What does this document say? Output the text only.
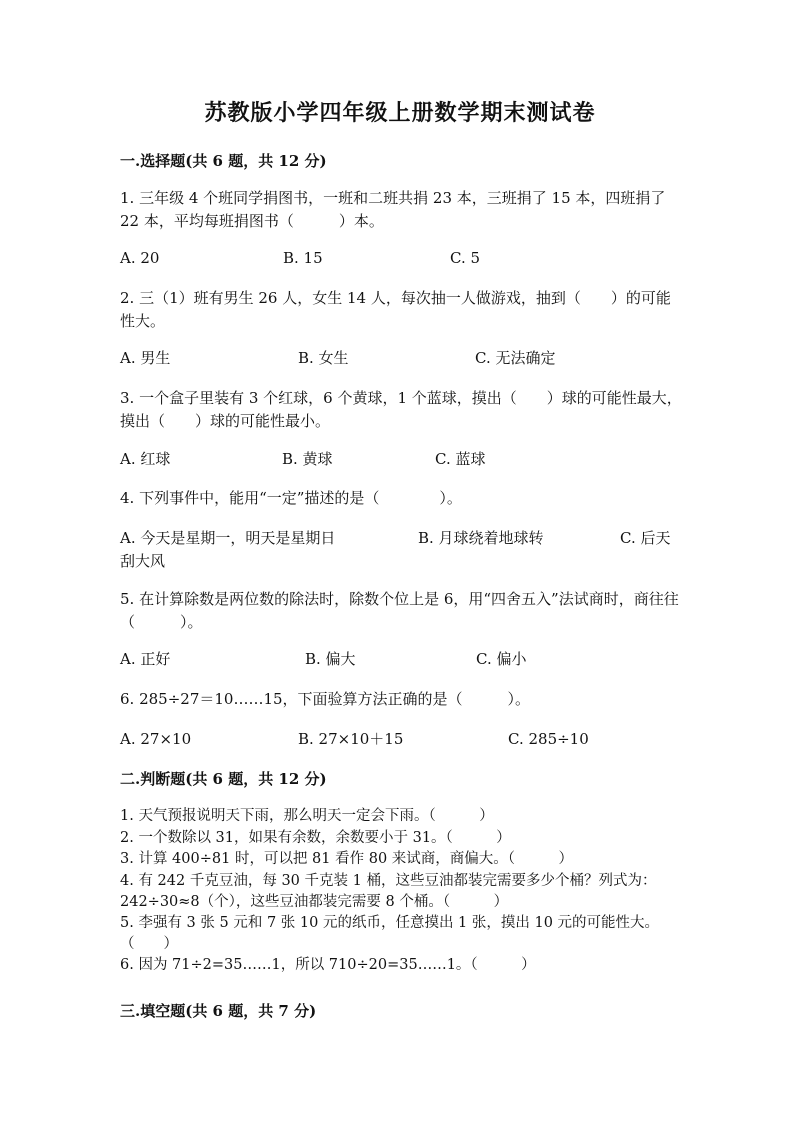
苏教版小学四年级上册数学期末测试卷
一.选择题(共 6 题，共 12 分)
1. 三年级 4 个班同学捐图书，一班和二班共捐 23 本，三班捐了 15 本，四班捐了 22 本，平均每班捐图书（　　　）本。
A. 20	B. 15	C. 5
2. 三（1）班有男生 26 人，女生 14 人，每次抽一人做游戏，抽到（　　）的可能性大。
A. 男生	B. 女生	C. 无法确定
3. 一个盒子里装有 3 个红球，6 个黄球，1 个蓝球，摸出（　　）球的可能性最大，摸出（　　）球的可能性最小。
A. 红球	B. 黄球	C. 蓝球
4. 下列事件中，能用“一定”描述的是（　　　　）。
A. 今天是星期一，明天是星期日	B. 月球绕着地球转	C. 后天刮大风
5. 在计算除数是两位数的除法时，除数个位上是 6，用“四舍五入”法试商时，商往往（　　　）。
A. 正好	B. 偏大	C. 偏小
6. 285÷27＝10……15，下面验算方法正确的是（　　　）。
A. 27×10	B. 27×10＋15	C. 285÷10
二.判断题(共 6 题，共 12 分)
1. 天气预报说明天下雨，那么明天一定会下雨。（　　　）
2. 一个数除以 31，如果有余数，余数要小于 31。（　　　）
3. 计算 400÷81 时，可以把 81 看作 80 来试商，商偏大。（　　　）
4. 有 242 千克豆油，每 30 千克装 1 桶，这些豆油都装完需要多少个桶？列式为：242÷30≈8（个），这些豆油都装完需要 8 个桶。（　　　）
5. 李强有 3 张 5 元和 7 张 10 元的纸币，任意摸出 1 张，摸出 10 元的可能性大。　　（　　）
6. 因为 71÷2=35……1，所以 710÷20=35……1。（　　　）
三.填空题(共 6 题，共 7 分)
